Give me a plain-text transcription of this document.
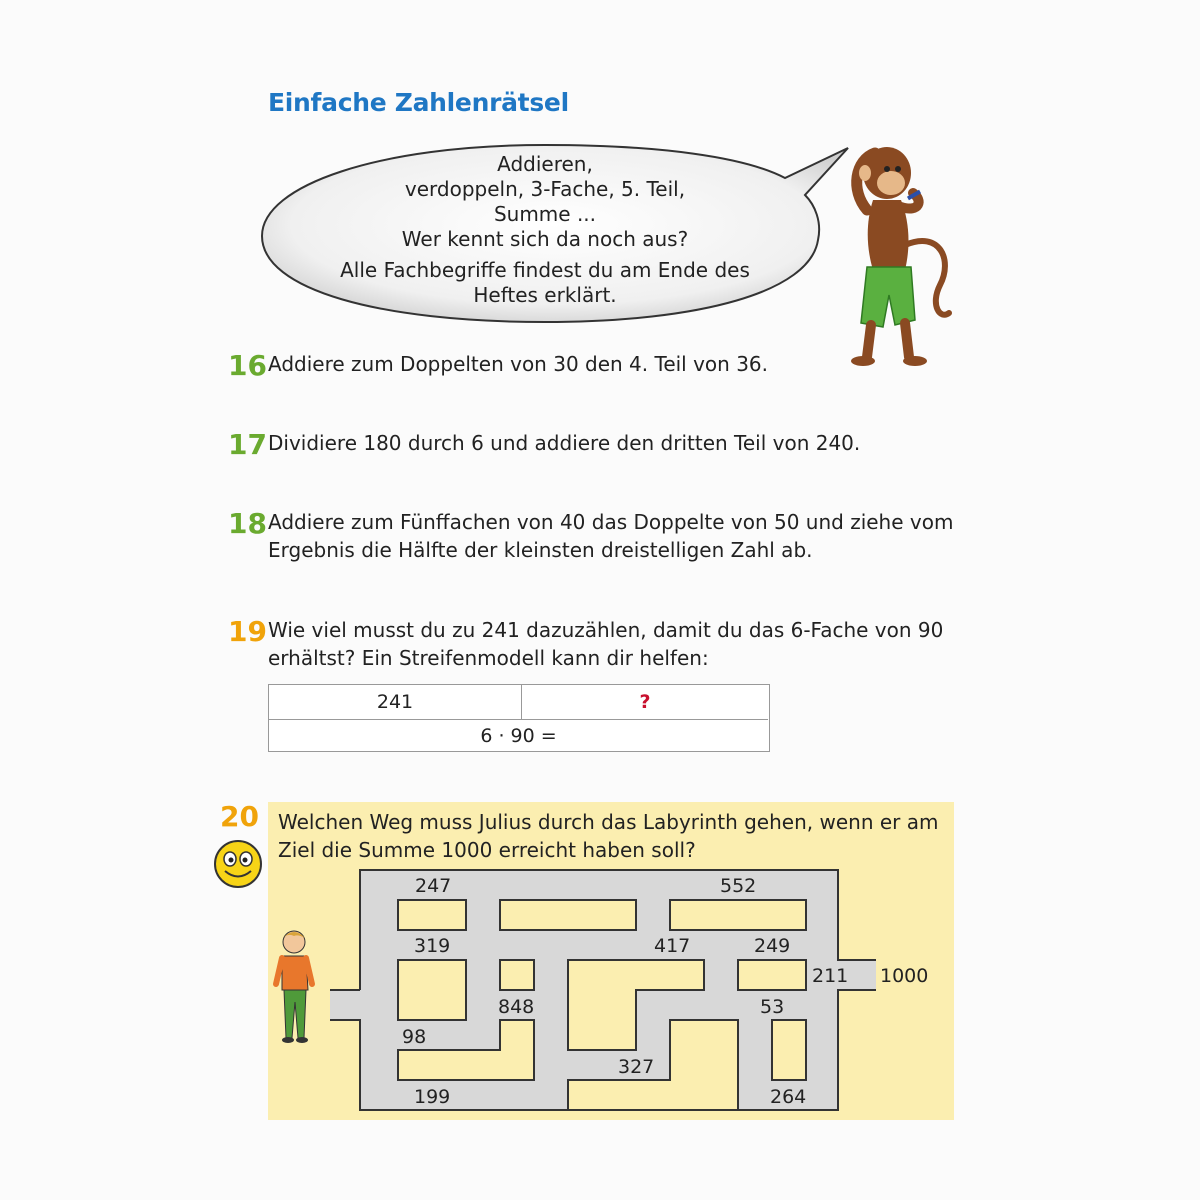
Einfache Zahlenrätsel
Addieren,
verdoppeln, 3-Fache, 5. Teil,
Summe ...
Wer kennt sich da noch aus?
Alle Fachbegriffe findest du am Ende des
Heftes erklärt.
16 Addiere zum Doppelten von 30 den 4. Teil von 36.
17 Dividiere 180 durch 6 und addiere den dritten Teil von 240.
18 Addiere zum Fünffachen von 40 das Doppelte von 50 und ziehe vom
Ergebnis die Hälfte der kleinsten dreistelligen Zahl ab.
19 Wie viel musst du zu 241 dazuzählen, damit du das 6-Fache von 90
erhältst? Ein Streifenmodell kann dir helfen:
241	?
6 · 90 =
20 Welchen Weg muss Julius durch das Labyrinth gehen, wenn er am
Ziel die Summe 1000 erreicht haben soll?
247	552
319	417	249
211 1000
848	53
98
327
199	264
